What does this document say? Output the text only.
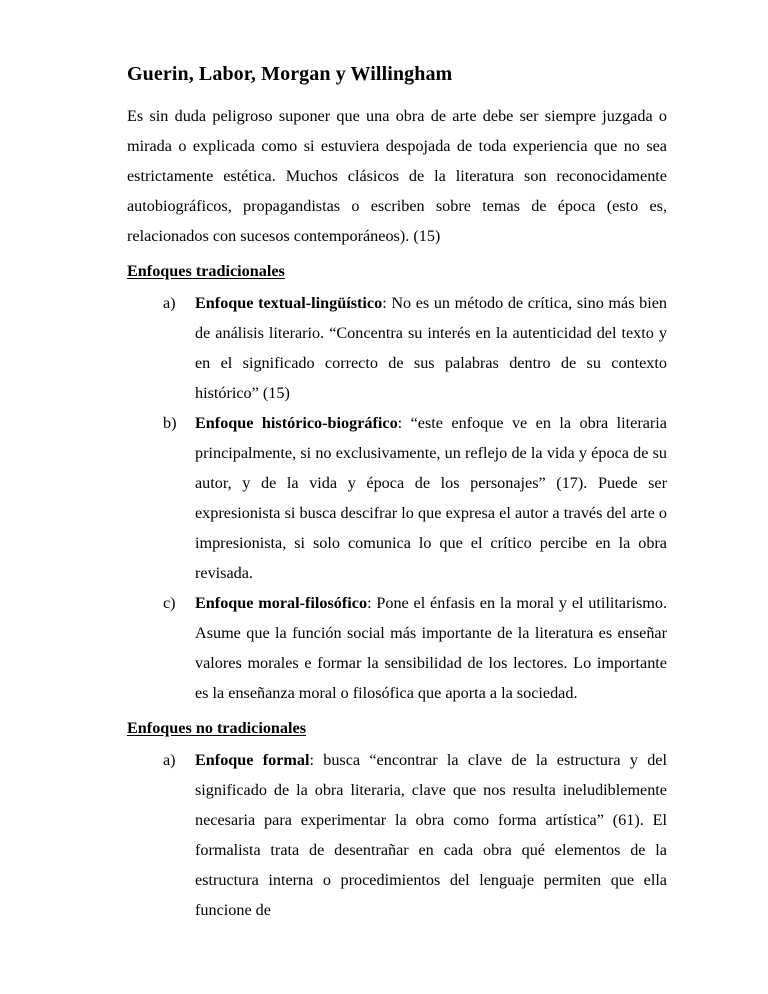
Guerin, Labor, Morgan y Willingham

Es sin duda peligroso suponer que una obra de arte debe ser siempre juzgada o mirada o explicada como si estuviera despojada de toda experiencia que no sea estrictamente estética. Muchos clásicos de la literatura son reconocidamente autobiográficos, propagandistas o escriben sobre temas de época (esto es, relacionados con sucesos contemporáneos). (15)

Enfoques tradicionales
a)	Enfoque textual-lingüístico: No es un método de crítica, sino más bien de análisis literario. “Concentra su interés en la autenticidad del texto y en el significado correcto de sus palabras dentro de su contexto histórico” (15)
b)	Enfoque histórico-biográfico: “este enfoque ve en la obra literaria principalmente, si no exclusivamente, un reflejo de la vida y época de su autor, y de la vida y época de los personajes” (17). Puede ser expresionista si busca descifrar lo que expresa el autor a través del arte o impresionista, si solo comunica lo que el crítico percibe en la obra revisada.
c)	Enfoque moral-filosófico: Pone el énfasis en la moral y el utilitarismo. Asume que la función social más importante de la literatura es enseñar valores morales e formar la sensibilidad de los lectores. Lo importante es la enseñanza moral o filosófica que aporta a la sociedad.
Enfoques no tradicionales
a)	Enfoque formal: busca “encontrar la clave de la estructura y del significado de la obra literaria, clave que nos resulta ineludiblemente necesaria para experimentar la obra como forma artística” (61). El formalista trata de desentrañar en cada obra qué elementos de la estructura interna o procedimientos del lenguaje permiten que ella funcione de
